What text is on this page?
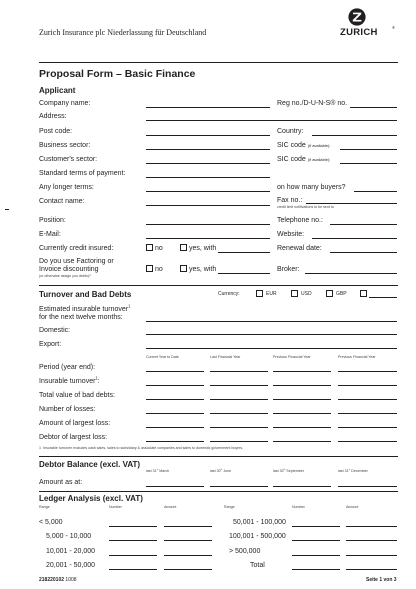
Zurich Insurance plc Niederlassung für Deutschland	ZURICH	®
Proposal Form – Basic Finance
Applicant
Company name:	Reg no./D-U-N-S® no.
Address:
Post code:	Country:
Business sector:	SIC code (if available):
Customer's sector:	SIC code (if available):
Standard terms of payment:
Any longer terms:	on how many buyers?
Contact name:	Fax no.:
credit limit notifications to be sent to
Position:	Telephone no.:
E-Mail:	Website:
Currently credit insured:	no	yes, with	Renewal date:
Do you use Factoring or
Invoice discounting
(or otherwise assign you debts)?
no	yes, with	Broker:
Turnover and Bad Debts	Currency:	EUR	USD	GBP
Estimated insurable turnover$^1$
for the next twelve months:
Domestic:
Export:
Current Year to Date	Last Financial Year	Previous Financial Year	Previous Financial Year
Period (year end):
Insurable turnover$^1$:
Total value of bad debts:
Number of losses:
Amount of largest loss:
Debtor of largest loss:
1 Insurable turnover excludes cash sales, sales to subsidiary & associate companies and sales to domestic government buyers.
Debtor Balance (excl. VAT)
last 31st March	last 30th June	last 30th September	last 31st December
Amount as at:
Ledger Analysis (excl. VAT)
Range	Number	Amount	Range	Number	Amount
< 5,000	50,001 - 100,000
5,000 - 10,000	100,001 - 500,000
10,001 - 20,000	> 500,000
20,001 - 50,000	Total
218220102 1008	Seite 1 von 3
